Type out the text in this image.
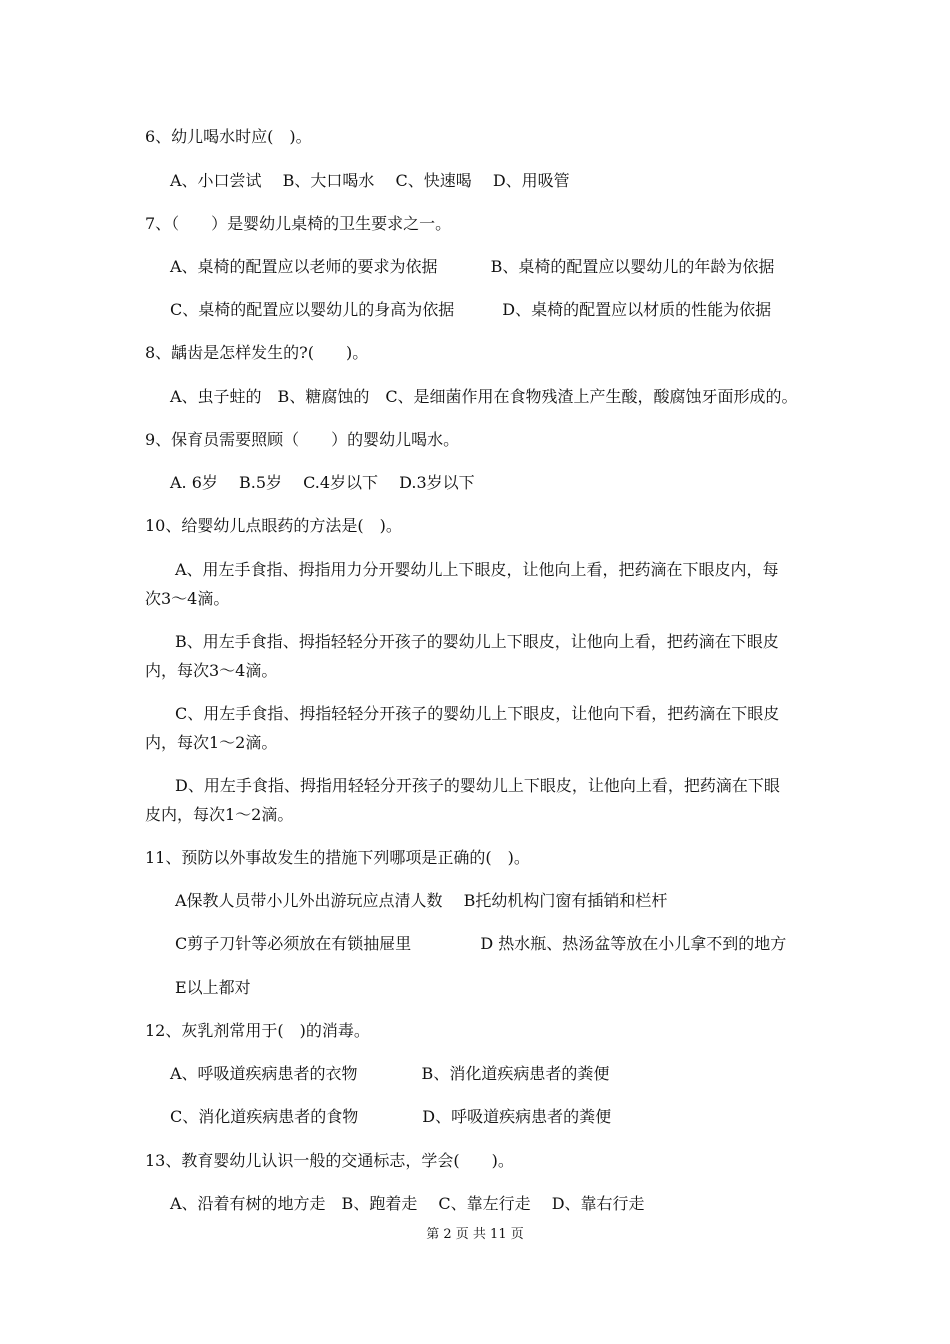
6、幼儿喝水时应(　)。
A、小口尝试　 B、大口喝水　 C、快速喝　 D、用吸管
7、（　　）是婴幼儿桌椅的卫生要求之一。
A、桌椅的配置应以老师的要求为依据　　　 B、桌椅的配置应以婴幼儿的年龄为依据
C、桌椅的配置应以婴幼儿的身高为依据　　　D、桌椅的配置应以材质的性能为依据
8、龋齿是怎样发生的?(　　)。
A、虫子蛀的　B、糖腐蚀的　C、是细菌作用在食物残渣上产生酸，酸腐蚀牙面形成的。
9、保育员需要照顾（　　）的婴幼儿喝水。
A. 6岁　 B.5岁　 C.4岁以下　 D.3岁以下
10、给婴幼儿点眼药的方法是(　)。
A、用左手食指、拇指用力分开婴幼儿上下眼皮，让他向上看，把药滴在下眼皮内，每
次3～4滴。
B、用左手食指、拇指轻轻分开孩子的婴幼儿上下眼皮，让他向上看，把药滴在下眼皮
内，每次3～4滴。
C、用左手食指、拇指轻轻分开孩子的婴幼儿上下眼皮，让他向下看，把药滴在下眼皮
内，每次1～2滴。
D、用左手食指、拇指用轻轻分开孩子的婴幼儿上下眼皮，让他向上看，把药滴在下眼
皮内，每次1～2滴。
11、预防以外事故发生的措施下列哪项是正确的(　)。
A保教人员带小儿外出游玩应点清人数　 B托幼机构门窗有插销和栏杆
C剪子刀针等必须放在有锁抽屉里　　　　 D 热水瓶、热汤盆等放在小儿拿不到的地方
E以上都对
12、灰乳剂常用于(　)的消毒。
A、呼吸道疾病患者的衣物　　　　B、消化道疾病患者的粪便
C、消化道疾病患者的食物　　　　D、呼吸道疾病患者的粪便
13、教育婴幼儿认识一般的交通标志，学会(　　)。
A、沿着有树的地方走　B、跑着走　 C、靠左行走　 D、靠右行走
第 2 页 共 11 页
